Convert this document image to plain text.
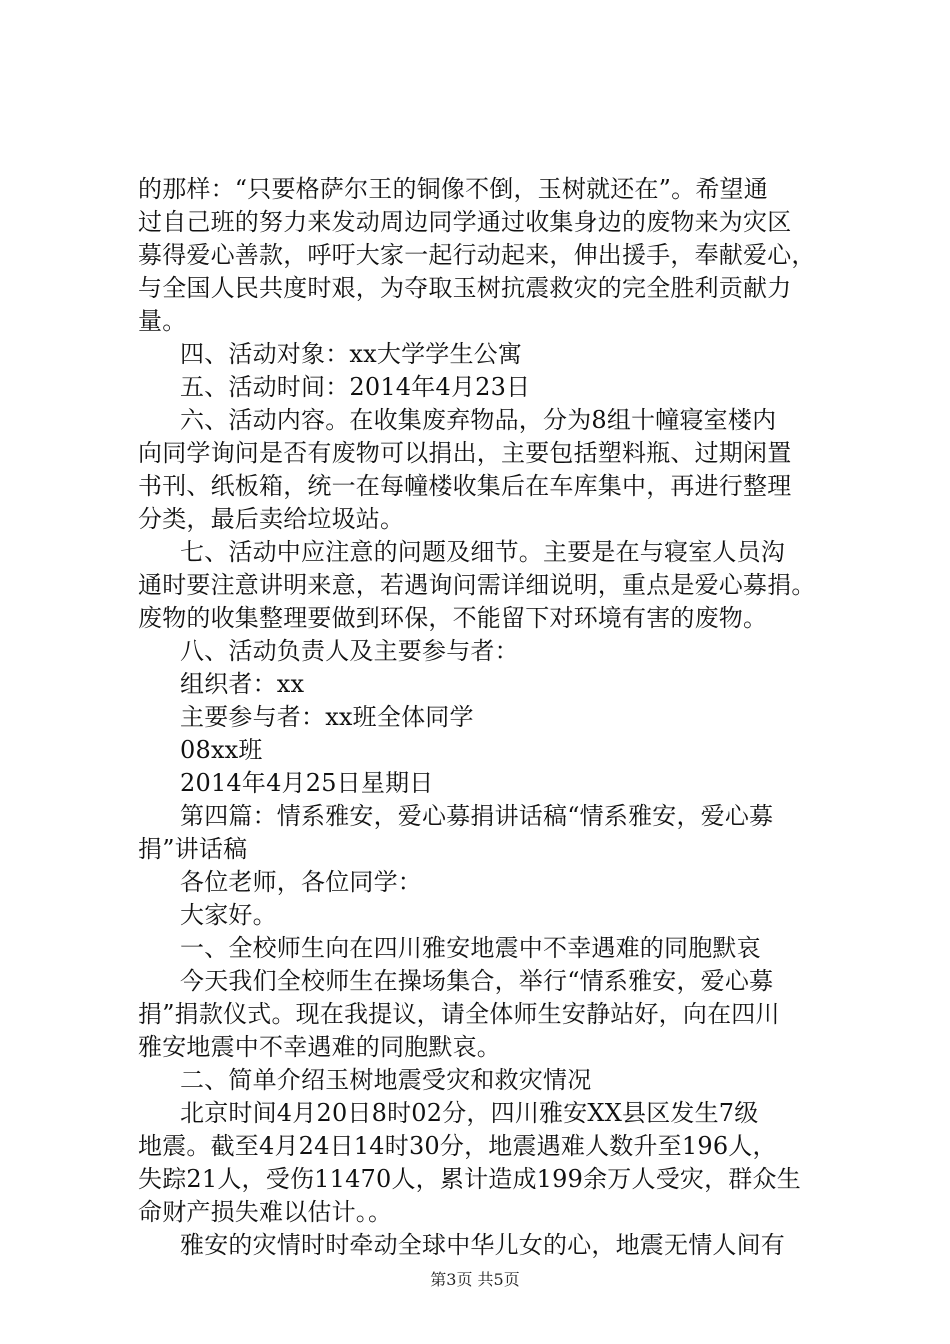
的那样：“只要格萨尔王的铜像不倒，玉树就还在”。希望通
过自己班的努力来发动周边同学通过收集身边的废物来为灾区
募得爱心善款，呼吁大家一起行动起来，伸出援手，奉献爱心，
与全国人民共度时艰，为夺取玉树抗震救灾的完全胜利贡献力
量。
四、活动对象：xx大学学生公寓
五、活动时间：2014年4月23日
六、活动内容。在收集废弃物品，分为8组十幢寝室楼内
向同学询问是否有废物可以捐出，主要包括塑料瓶、过期闲置
书刊、纸板箱，统一在每幢楼收集后在车库集中，再进行整理
分类，最后卖给垃圾站。
七、活动中应注意的问题及细节。主要是在与寝室人员沟
通时要注意讲明来意，若遇询问需详细说明，重点是爱心募捐。
废物的收集整理要做到环保，不能留下对环境有害的废物。
八、活动负责人及主要参与者：
组织者：xx
主要参与者：xx班全体同学
08xx班
2014年4月25日星期日
第四篇：情系雅安，爱心募捐讲话稿“情系雅安，爱心募
捐”讲话稿
各位老师，各位同学：
大家好。
一、全校师生向在四川雅安地震中不幸遇难的同胞默哀
今天我们全校师生在操场集合，举行“情系雅安，爱心募
捐”捐款仪式。现在我提议，请全体师生安静站好，向在四川
雅安地震中不幸遇难的同胞默哀。
二、简单介绍玉树地震受灾和救灾情况
北京时间4月20日8时02分，四川雅安XX县区发生7级
地震。截至4月24日14时30分，地震遇难人数升至196人，
失踪21人，受伤11470人，累计造成199余万人受灾，群众生
命财产损失难以估计。。
雅安的灾情时时牵动全球中华儿女的心，地震无情人间有
第3页 共5页
